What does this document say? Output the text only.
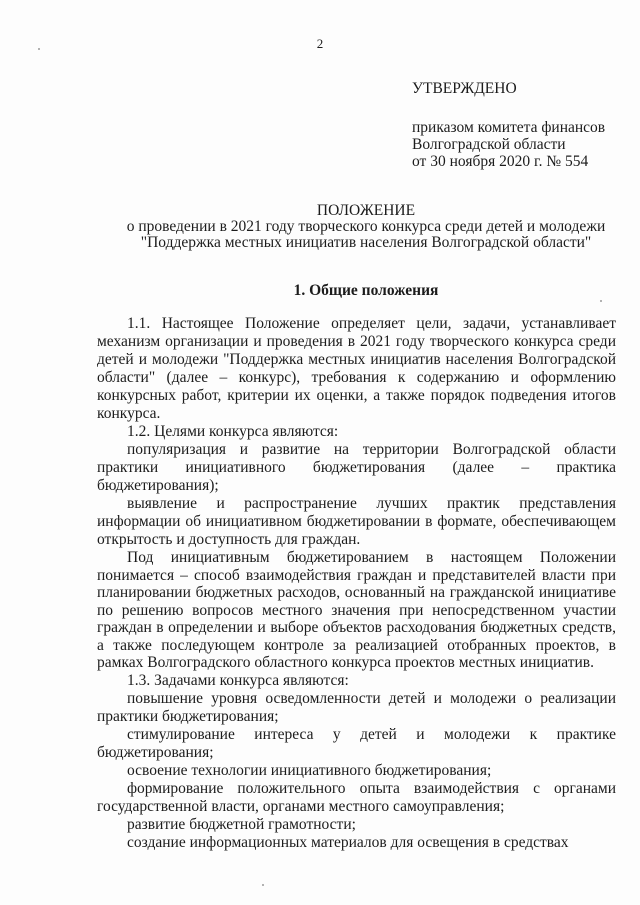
2
УТВЕРЖДЕНО
приказом комитета финансов
Волгоградской области
от 30 ноября 2020 г. № 554
ПОЛОЖЕНИЕ
о проведении в 2021 году творческого конкурса среди детей и молодежи
"Поддержка местных инициатив населения Волгоградской области"
1. Общие положения

1.1. Настоящее Положение определяет цели, задачи, устанавливает механизм организации и проведения в 2021 году творческого конкурса среди детей и молодежи "Поддержка местных инициатив населения Волгоградской области" (далее – конкурс), требования к содержанию и оформлению конкурсных работ, критерии их оценки, а также порядок подведения итогов конкурса.

1.2. Целями конкурса являются:

популяризация и развитие на территории Волгоградской области практики инициативного бюджетирования (далее – практика бюджетирования);

выявление и распространение лучших практик представления информации об инициативном бюджетировании в формате, обеспечивающем открытость и доступность для граждан.

Под инициативным бюджетированием в настоящем Положении понимается – способ взаимодействия граждан и представителей власти при планировании бюджетных расходов, основанный на гражданской инициативе по решению вопросов местного значения при непосредственном участии граждан в определении и выборе объектов расходования бюджетных средств, а также последующем контроле за реализацией отобранных проектов, в рамках Волгоградского областного конкурса проектов местных инициатив.

1.3. Задачами конкурса являются:

повышение уровня осведомленности детей и молодежи о реализации практики бюджетирования;

стимулирование интереса у детей и молодежи к практике бюджетирования;

освоение технологии инициативного бюджетирования;

формирование положительного опыта взаимодействия с органами государственной власти, органами местного самоуправления;

развитие бюджетной грамотности;

создание информационных материалов для освещения в средствах
